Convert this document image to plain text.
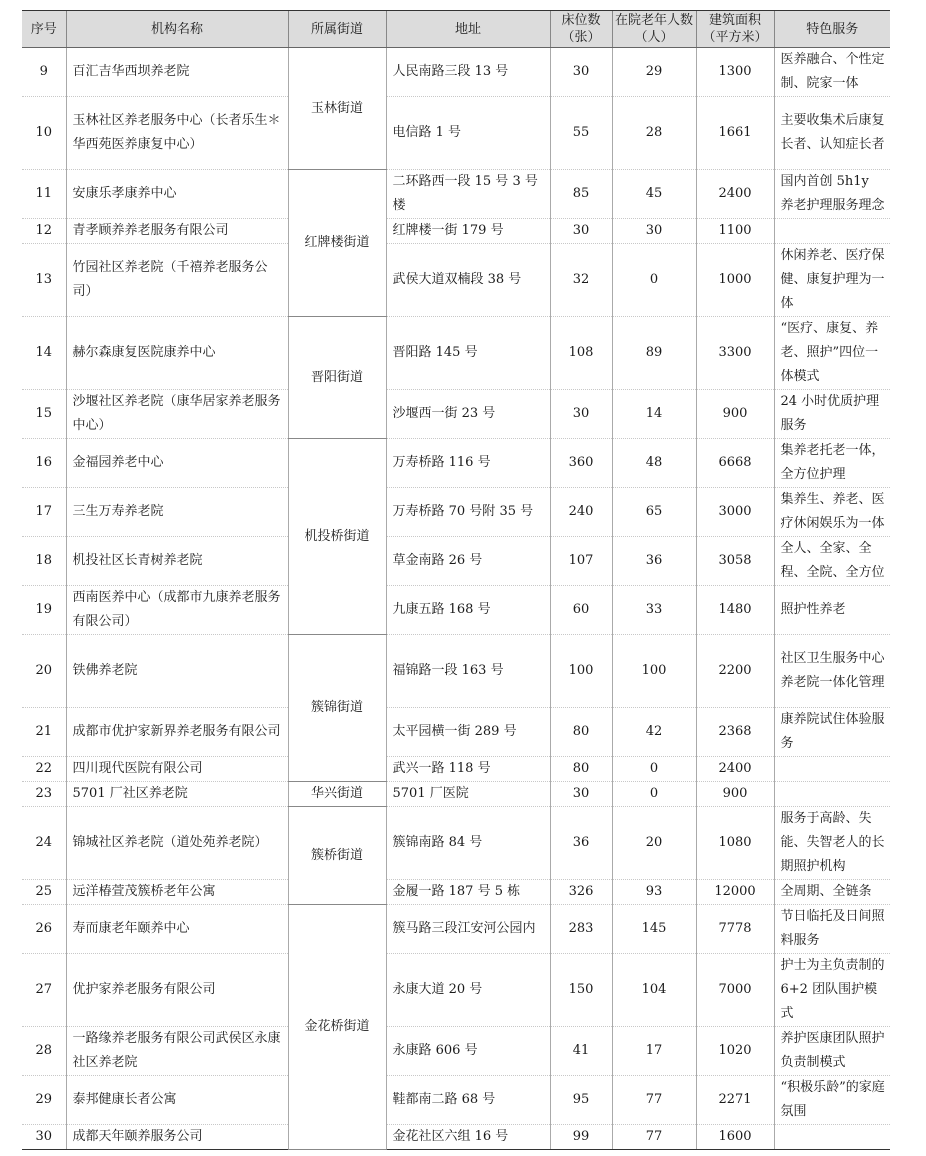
序号	机构名称	所属街道	地址	床位数（张）	在院老年人数（人）	建筑面积（平方米）	特色服务
9	百汇吉华西坝养老院	玉林街道	人民南路三段 13 号	30	29	1300	医养融合、个性定制、院家一体
10	玉林社区养老服务中心（长者乐生＊华西苑医养康复中心）		电信路 1 号	55	28	1661	主要收集术后康复长者、认知症长者
11	安康乐孝康养中心	红牌楼街道	二环路西一段 15 号 3 号楼	85	45	2400	国内首创 5h1y 养老护理服务理念
12	青孝顾养养老服务有限公司		红牌楼一街 179 号	30	30	1100	
13	竹园社区养老院（千禧养老服务公司）		武侯大道双楠段 38 号	32	0	1000	休闲养老、医疗保健、康复护理为一体
14	赫尔森康复医院康养中心	晋阳街道	晋阳路 145 号	108	89	3300	“医疗、康复、养老、照护”四位一体模式
15	沙堰社区养老院（康华居家养老服务中心）		沙堰西一街 23 号	30	14	900	24 小时优质护理服务
16	金福园养老中心	机投桥街道	万寿桥路 116 号	360	48	6668	集养老托老一体，全方位护理
17	三生万寿养老院		万寿桥路 70 号附 35 号	240	65	3000	集养生、养老、医疗休闲娱乐为一体
18	机投社区长青树养老院		草金南路 26 号	107	36	3058	全人、全家、全程、全院、全方位
19	西南医养中心（成都市九康养老服务有限公司）		九康五路 168 号	60	33	1480	照护性养老
20	铁佛养老院	簇锦街道	福锦路一段 163 号	100	100	2200	社区卫生服务中心养老院一体化管理
21	成都市优护家新界养老服务有限公司		太平园横一街 289 号	80	42	2368	康养院试住体验服务
22	四川现代医院有限公司		武兴一路 118 号	80	0	2400	
23	5701 厂社区养老院	华兴街道	5701 厂医院	30	0	900	
24	锦城社区养老院（道处苑养老院）	簇桥街道	簇锦南路 84 号	36	20	1080	服务于高龄、失能、失智老人的长期照护机构
25	远洋椿萱茂簇桥老年公寓		金履一路 187 号 5 栋	326	93	12000	全周期、全链条
26	寿而康老年颐养中心	金花桥街道	簇马路三段江安河公园内	283	145	7778	节日临托及日间照料服务
27	优护家养老服务有限公司		永康大道 20 号	150	104	7000	护士为主负责制的 6+2 团队围护模式
28	一路缘养老服务有限公司武侯区永康社区养老院		永康路 606 号	41	17	1020	养护医康团队照护负责制模式
29	泰邦健康长者公寓		鞋都南二路 68 号	95	77	2271	“积极乐龄”的家庭氛围
30	成都天年颐养服务公司		金花社区六组 16 号	99	77	1600	
